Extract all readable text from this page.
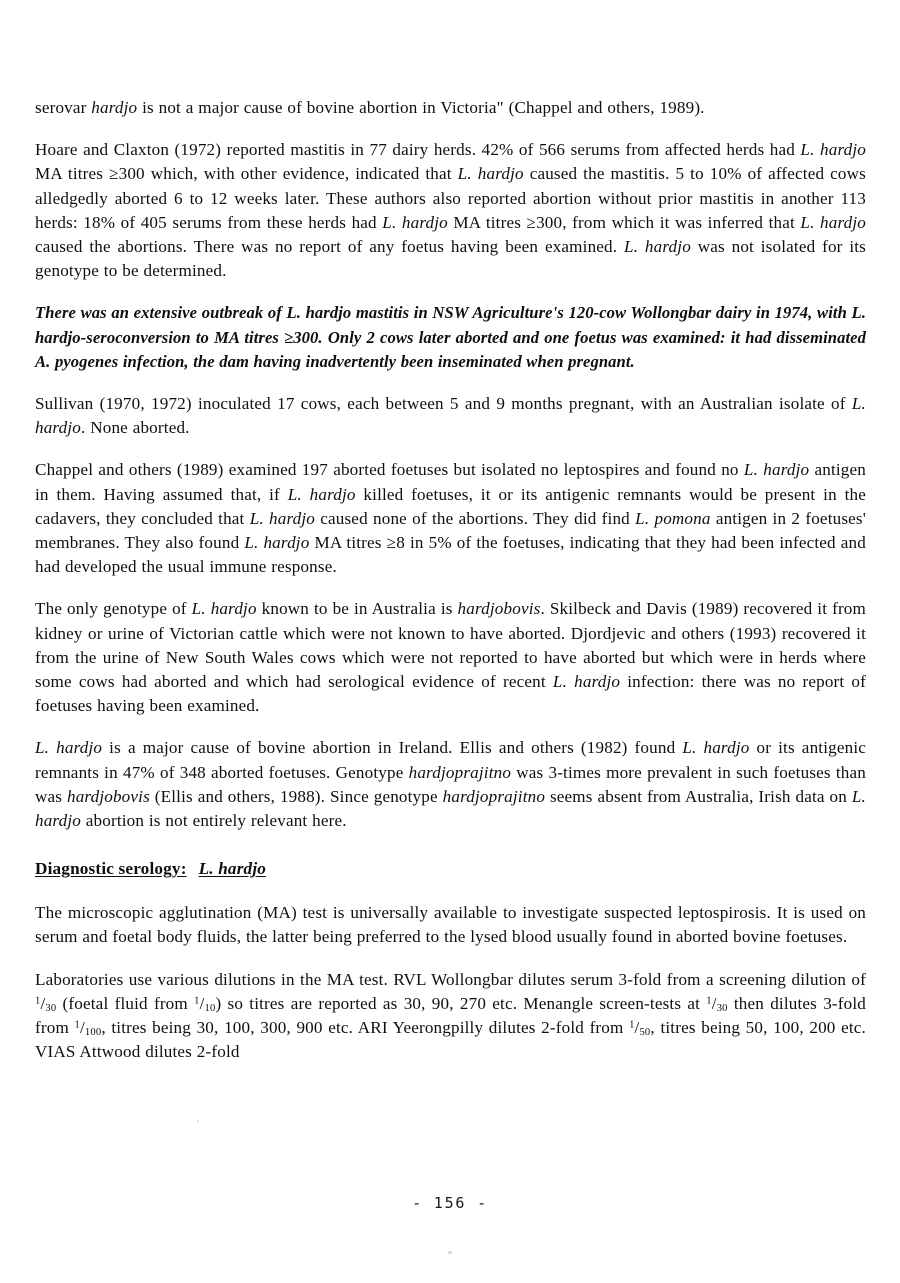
serovar hardjo is not a major cause of bovine abortion in Victoria" (Chappel and others, 1989).

Hoare and Claxton (1972) reported mastitis in 77 dairy herds. 42% of 566 serums from affected herds had L. hardjo MA titres ≥300 which, with other evidence, indicated that L. hardjo caused the mastitis. 5 to 10% of affected cows alledgedly aborted 6 to 12 weeks later. These authors also reported abortion without prior mastitis in another 113 herds: 18% of 405 serums from these herds had L. hardjo MA titres ≥300, from which it was inferred that L. hardjo caused the abortions. There was no report of any foetus having been examined. L. hardjo was not isolated for its genotype to be determined.

There was an extensive outbreak of L. hardjo mastitis in NSW Agriculture's 120-cow Wollongbar dairy in 1974, with L. hardjo-seroconversion to MA titres ≥300. Only 2 cows later aborted and one foetus was examined: it had disseminated A. pyogenes infection, the dam having inadvertently been inseminated when pregnant.

Sullivan (1970, 1972) inoculated 17 cows, each between 5 and 9 months pregnant, with an Australian isolate of L. hardjo. None aborted.

Chappel and others (1989) examined 197 aborted foetuses but isolated no leptospires and found no L. hardjo antigen in them. Having assumed that, if L. hardjo killed foetuses, it or its antigenic remnants would be present in the cadavers, they concluded that L. hardjo caused none of the abortions. They did find L. pomona antigen in 2 foetuses' membranes. They also found L. hardjo MA titres ≥8 in 5% of the foetuses, indicating that they had been infected and had developed the usual immune response.

The only genotype of L. hardjo known to be in Australia is hardjobovis. Skilbeck and Davis (1989) recovered it from kidney or urine of Victorian cattle which were not known to have aborted. Djordjevic and others (1993) recovered it from the urine of New South Wales cows which were not reported to have aborted but which were in herds where some cows had aborted and which had serological evidence of recent L. hardjo infection: there was no report of foetuses having been examined.

L. hardjo is a major cause of bovine abortion in Ireland. Ellis and others (1982) found L. hardjo or its antigenic remnants in 47% of 348 aborted foetuses. Genotype hardjoprajitno was 3-times more prevalent in such foetuses than was hardjobovis (Ellis and others, 1988). Since genotype hardjoprajitno seems absent from Australia, Irish data on L. hardjo abortion is not entirely relevant here.

Diagnostic serology: L. hardjo

The microscopic agglutination (MA) test is universally available to investigate suspected leptospirosis. It is used on serum and foetal body fluids, the latter being preferred to the lysed blood usually found in aborted bovine foetuses.

Laboratories use various dilutions in the MA test. RVL Wollongbar dilutes serum 3-fold from a screening dilution of $^1/_{30}$ (foetal fluid from $^1/_{10}$) so titres are reported as 30, 90, 270 etc. Menangle screen-tests at $^1/_{30}$ then dilutes 3-fold from $^1/_{100}$, titres being 30, 100, 300, 900 etc. ARI Yeerongpilly dilutes 2-fold from $^1/_{50}$, titres being 50, 100, 200 etc. VIAS Attwood dilutes 2-fold

- 156 -
